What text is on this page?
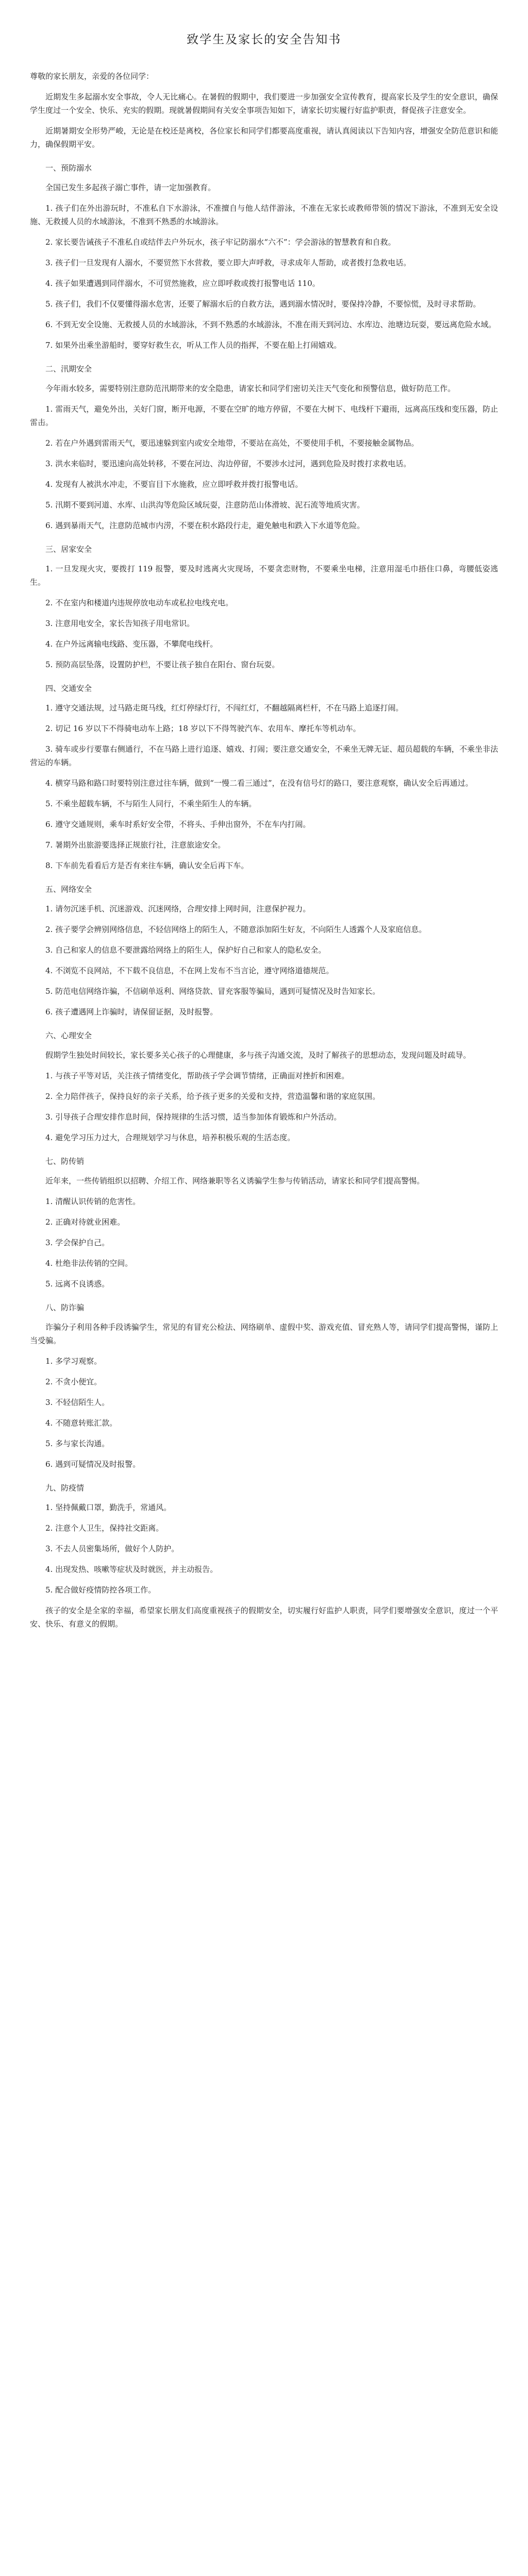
致学生及家长的安全告知书

尊敬的家长朋友，亲爱的各位同学：

近期发生多起溺水安全事故，令人无比痛心。在暑假的假期中，我们要进一步加强安全宣传教育，提高家长及学生的安全意识，确保学生度过一个安全、快乐、充实的假期。现就暑假期间有关安全事项告知如下，请家长切实履行好监护职责，督促孩子注意安全。

近期暑期安全形势严峻，无论是在校还是离校，各位家长和同学们都要高度重视，请认真阅读以下告知内容，增强安全防范意识和能力，确保假期平安。

一、预防溺水

全国已发生多起孩子溺亡事件，请一定加强教育。

1. 孩子们在外出游玩时，不准私自下水游泳，不准擅自与他人结伴游泳，不准在无家长或教师带领的情况下游泳，不准到无安全设施、无救援人员的水域游泳，不准到不熟悉的水域游泳。

2. 家长要告诫孩子不准私自或结伴去户外玩水，孩子牢记防溺水“六不”：学会游泳的智慧教育和自救。

3. 孩子们一旦发现有人溺水，不要贸然下水营救，要立即大声呼救，寻求成年人帮助，或者拨打急救电话。

4. 孩子如果遭遇到同伴溺水，不可贸然施救，应立即呼救或拨打报警电话 110。

5. 孩子们，我们不仅要懂得溺水危害，还要了解溺水后的自救方法，遇到溺水情况时，要保持冷静，不要惊慌，及时寻求帮助。

6. 不到无安全设施、无救援人员的水域游泳，不到不熟悉的水域游泳，不准在雨天到河边、水库边、池塘边玩耍，要远离危险水域。

7. 如果外出乘坐游船时，要穿好救生衣，听从工作人员的指挥，不要在船上打闹嬉戏。

二、汛期安全

今年雨水较多，需要特别注意防范汛期带来的安全隐患，请家长和同学们密切关注天气变化和预警信息，做好防范工作。

1. 雷雨天气，避免外出，关好门窗，断开电源，不要在空旷的地方停留，不要在大树下、电线杆下避雨，远离高压线和变压器，防止雷击。

2. 若在户外遇到雷雨天气，要迅速躲到室内或安全地带，不要站在高处，不要使用手机，不要接触金属物品。

3. 洪水来临时，要迅速向高处转移，不要在河边、沟边停留，不要涉水过河，遇到危险及时拨打求救电话。

4. 发现有人被洪水冲走，不要盲目下水施救，应立即呼救并拨打报警电话。

5. 汛期不要到河道、水库、山洪沟等危险区域玩耍，注意防范山体滑坡、泥石流等地质灾害。

6. 遇到暴雨天气，注意防范城市内涝，不要在积水路段行走，避免触电和跌入下水道等危险。

三、居家安全

1. 一旦发现火灾，要拨打 119 报警，要及时逃离火灾现场，不要贪恋财物，不要乘坐电梯，注意用湿毛巾捂住口鼻，弯腰低姿逃生。

2. 不在室内和楼道内违规停放电动车或私拉电线充电。

3. 注意用电安全，家长告知孩子用电常识。

4. 在户外远离输电线路、变压器，不攀爬电线杆。

5. 预防高层坠落，设置防护栏，不要让孩子独自在阳台、窗台玩耍。

四、交通安全

1. 遵守交通法规，过马路走斑马线，红灯停绿灯行，不闯红灯，不翻越隔离栏杆，不在马路上追逐打闹。

2. 切记 16 岁以下不得骑电动车上路；18 岁以下不得驾驶汽车、农用车、摩托车等机动车。

3. 骑车或步行要靠右侧通行，不在马路上进行追逐、嬉戏、打闹；要注意交通安全，不乘坐无牌无证、超员超载的车辆，不乘坐非法营运的车辆。

4. 横穿马路和路口时要特别注意过往车辆，做到“一慢二看三通过”，在没有信号灯的路口，要注意观察，确认安全后再通过。

5. 不乘坐超载车辆，不与陌生人同行，不乘坐陌生人的车辆。

6. 遵守交通规则，乘车时系好安全带，不将头、手伸出窗外，不在车内打闹。

7. 暑期外出旅游要选择正规旅行社，注意旅途安全。

8. 下车前先看看后方是否有来往车辆，确认安全后再下车。

五、网络安全

1. 请勿沉迷手机、沉迷游戏、沉迷网络，合理安排上网时间，注意保护视力。

2. 孩子要学会辨别网络信息，不轻信网络上的陌生人，不随意添加陌生好友，不向陌生人透露个人及家庭信息。

3. 自己和家人的信息不要泄露给网络上的陌生人，保护好自己和家人的隐私安全。

4. 不浏览不良网站，不下载不良信息，不在网上发布不当言论，遵守网络道德规范。

5. 防范电信网络诈骗，不信刷单返利、网络贷款、冒充客服等骗局，遇到可疑情况及时告知家长。

6. 孩子遭遇网上诈骗时，请保留证据，及时报警。

六、心理安全

假期学生独处时间较长，家长要多关心孩子的心理健康，多与孩子沟通交流，及时了解孩子的思想动态，发现问题及时疏导。

1. 与孩子平等对话，关注孩子情绪变化，帮助孩子学会调节情绪，正确面对挫折和困难。

2. 全力陪伴孩子，保持良好的亲子关系，给予孩子更多的关爱和支持，营造温馨和谐的家庭氛围。

3. 引导孩子合理安排作息时间，保持规律的生活习惯，适当参加体育锻炼和户外活动。

4. 避免学习压力过大，合理规划学习与休息，培养积极乐观的生活态度。

七、防传销

近年来，一些传销组织以招聘、介绍工作、网络兼职等名义诱骗学生参与传销活动，请家长和同学们提高警惕。

1. 清醒认识传销的危害性。

2. 正确对待就业困难。

3. 学会保护自己。

4. 杜绝非法传销的空间。

5. 远离不良诱惑。

八、防诈骗

诈骗分子利用各种手段诱骗学生，常见的有冒充公检法、网络刷单、虚假中奖、游戏充值、冒充熟人等，请同学们提高警惕，谨防上当受骗。

1. 多学习观察。

2. 不贪小便宜。

3. 不轻信陌生人。

4. 不随意转账汇款。

5. 多与家长沟通。

6. 遇到可疑情况及时报警。

九、防疫情

1. 坚持佩戴口罩，勤洗手，常通风。

2. 注意个人卫生，保持社交距离。

3. 不去人员密集场所，做好个人防护。

4. 出现发热、咳嗽等症状及时就医，并主动报告。

5. 配合做好疫情防控各项工作。

孩子的安全是全家的幸福，希望家长朋友们高度重视孩子的假期安全，切实履行好监护人职责，同学们要增强安全意识，度过一个平安、快乐、有意义的假期。
